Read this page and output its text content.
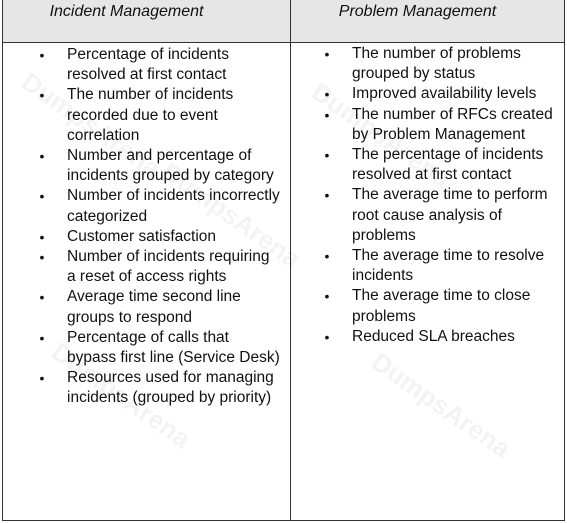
Incident Management	Problem Management
• Percentage of incidents resolved at first contact
• The number of incidents recorded due to event correlation
• Number and percentage of incidents grouped by category
• Number of incidents incorrectly categorized
• Customer satisfaction
• Number of incidents requiring a reset of access rights
• Average time second line groups to respond
• Percentage of calls that bypass first line (Service Desk)
• Resources used for managing incidents (grouped by priority)
• The number of problems grouped by status
• Improved availability levels
• The number of RFCs created by Problem Management
• The percentage of incidents resolved at first contact
• The average time to perform root cause analysis of problems
• The average time to resolve incidents
• The average time to close problems
• Reduced SLA breaches
